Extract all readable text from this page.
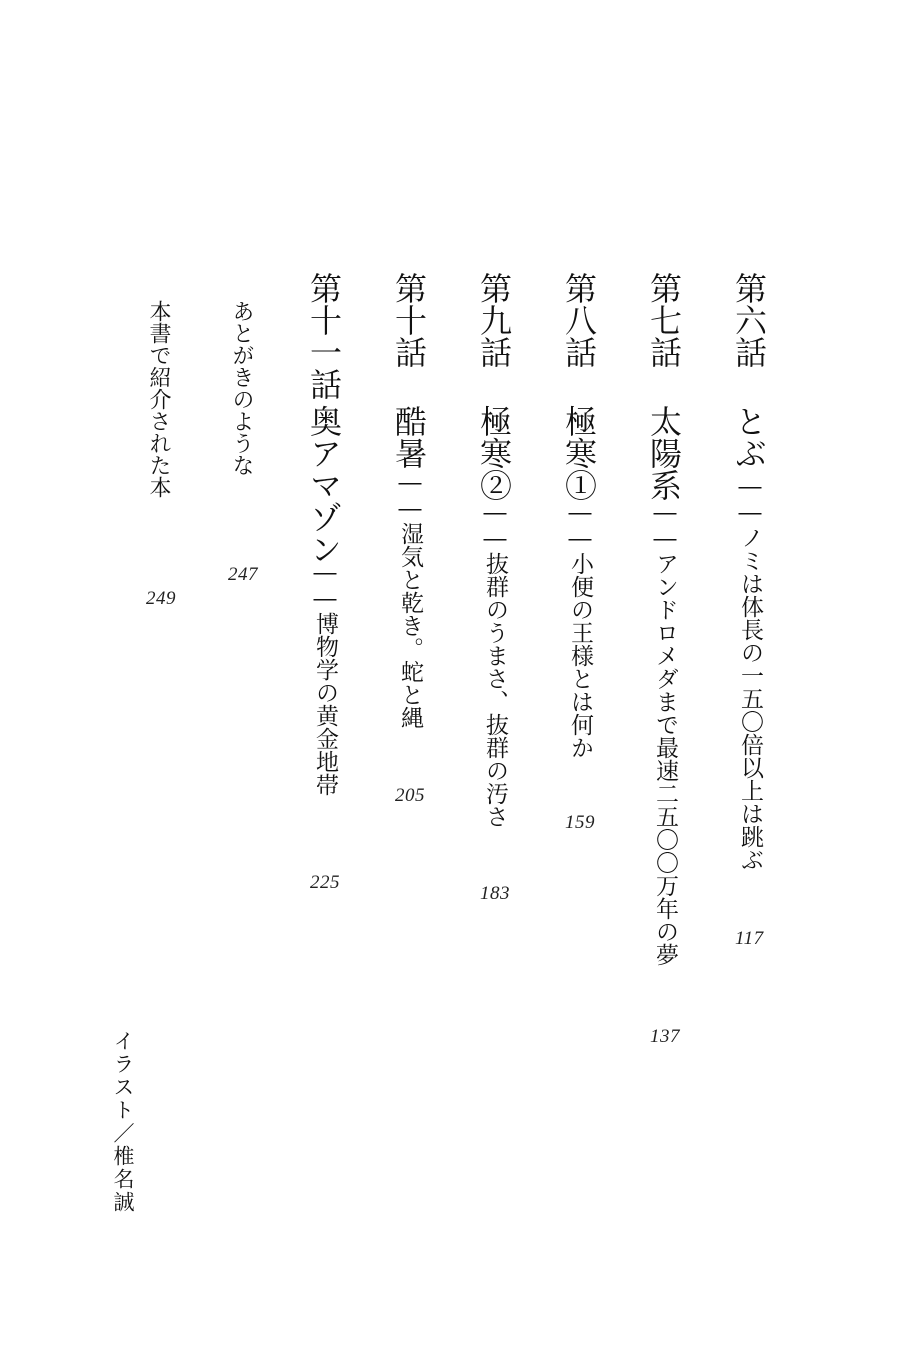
第六話
とぶ
――ノミは体長の一五〇倍以上は跳ぶ
117
第七話
太陽系
――アンドロメダまで最速二五〇〇万年の夢
137
第八話
極寒①
――小便の王様とは何か
159
第九話
極寒②
――抜群のうまさ、抜群の汚さ
183
第十話
酷暑
――湿気と乾き。蛇と縄
205
第十一話
奥アマゾン
――博物学の黄金地帯
225
あとがきのような
247
本書で紹介された本
249
イラスト／椎名誠
